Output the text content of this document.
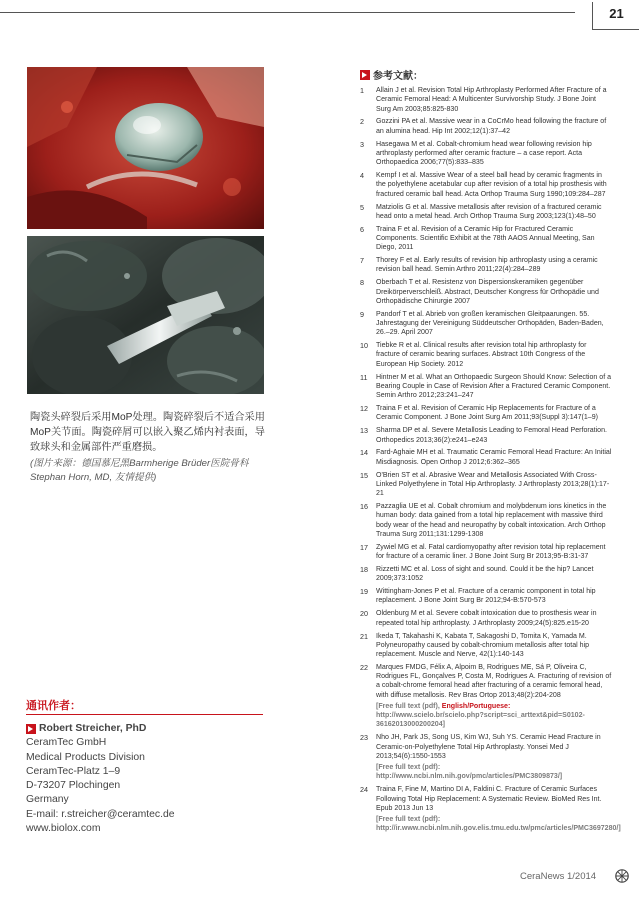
21
陶瓷头碎裂后采用MoP处理。陶瓷碎裂后不适合采用MoP关节面。陶瓷碎屑可以嵌入聚乙烯内衬表面，导致球头和金属部件严重磨损。
(图片来源：德国慕尼黑Barmherige Brüder医院骨科
Stephan Horn, MD, 友情提供)
通讯作者：
Robert Streicher, PhD
CeramTec GmbH
Medical Products Division
CeramTec-Platz 1–9
D-73207 Plochingen
Germany
E-mail: r.streicher@ceramtec.de
www.biolox.com
参考文献：
1 Allain J et al. Revision Total Hip Arthroplasty Performed After Fracture of a Ceramic Femoral Head: A Multicenter Survivorship Study. J Bone Joint Surg Am 2003;85:825-830
2 Gozzini PA et al. Massive wear in a CoCrMo head following the fracture of an alumina head. Hip Int 2002;12(1):37–42
3 Hasegawa M et al. Cobalt-chromium head wear following revision hip arthroplasty performed after ceramic fracture – a case report. Acta Orthopaedica 2006;77(5):833–835
4 Kempf I et al. Massive Wear of a steel ball head by ceramic fragments in the polyethylene acetabular cup after revision of a total hip prosthesis with fractured ceramic ball head. Acta Orthop Trauma Surg 1990;109:284–287
5 Matziolis G et al. Massive metallosis after revision of a fractured ceramic head onto a metal head. Arch Orthop Trauma Surg 2003;123(1):48–50
6 Traina F et al. Revision of a Ceramic Hip for Fractured Ceramic Components. Scientific Exhibit at the 78th AAOS Annual Meeting, San Diego, 2011
7 Thorey F et al. Early results of revision hip arthroplasty using a ceramic revision ball head. Semin Arthro 2011;22(4):284–289
8 Oberbach T et al. Resistenz von Dispersionskeramiken gegenüber Dreikörperverschleiß. Abstract, Deutscher Kongress für Orthopädie und Orthopädische Chirurgie 2007
9 Pandorf T et al. Abrieb von großen keramischen Gleitpaarungen. 55. Jahrestagung der Vereinigung Süddeutscher Orthopäden, Baden-Baden, 26.–29. April 2007
10 Tiebke R et al. Clinical results after revision total hip arthroplasty for fracture of ceramic bearing surfaces. Abstract 10th Congress of the European Hip Society. 2012
11 Hintner M et al. What an Orthopaedic Surgeon Should Know: Selection of a Bearing Couple in Case of Revision After a Fractured Ceramic Component. Semin Arthro 2012;23:241–247
12 Traina F et al. Revision of Ceramic Hip Replacements for Fracture of a Ceramic Component. J Bone Joint Surg Am 2011;93(Suppl 3):147(1–9)
13 Sharma DP et al. Severe Metallosis Leading to Femoral Head Perforation. Orthopedics 2013;36(2):e241–e243
14 Fard-Aghaie MH et al. Traumatic Ceramic Femoral Head Fracture: An Initial Misdiagnosis. Open Orthop J 2012;6:362–365
15 O'Brien ST et al. Abrasive Wear and Metallosis Associated With Cross-Linked Polyethylene in Total Hip Arthroplasty. J Arthroplasty 2013;28(1):17-21
16 Pazzaglia UE et al. Cobalt chromium and molybdenum ions kinetics in the human body: data gained from a total hip replacement with massive third body wear of the head and neuropathy by cobalt intoxication. Arch Orthop Trauma Surg 2011;131:1299-1308
17 Zywiel MG et al. Fatal cardiomyopathy after revision total hip replacement for fracture of a ceramic liner. J Bone Joint Surg Br 2013;95-B:31-37
18 Rizzetti MC et al. Loss of sight and sound. Could it be the hip? Lancet 2009;373:1052
19 Wittingham-Jones P et al. Fracture of a ceramic component in total hip replacement. J Bone Joint Surg Br 2012;94-B:570-573
20 Oldenburg M et al. Severe cobalt intoxication due to prosthesis wear in repeated total hip arthroplasty. J Arthroplasty 2009;24(5):825.e15-20
21 Ikeda T, Takahashi K, Kabata T, Sakagoshi D, Tomita K, Yamada M. Polyneuropathy caused by cobalt-chromium metallosis after total hip replacement. Muscle and Nerve, 42(1):140-143
22 Marques FMDG, Félix A, Alpoim B, Rodrigues ME, Sá P, Oliveira C, Rodrigues FL, Gonçalves P, Costa M, Rodrigues A. Fracturing of revision of a cobalt-chrome femoral head after fracturing of a ceramic femoral head, with diffuse metallosis. Rev Bras Ortop 2013;48(2):204-208
[Free full text (pdf), English/Portuguese: http://www.scielo.br/scielo.php?script=sci_arttext&pid=S0102-36162013000200204]
23 Nho JH, Park JS, Song US, Kim WJ, Suh YS. Ceramic Head Fracture in Ceramic-on-Polyethylene Total Hip Arthroplasty. Yonsei Med J 2013;54(6):1550-1553
[Free full text (pdf): http://www.ncbi.nlm.nih.gov/pmc/articles/PMC3809873/]
24 Traina F, Fine M, Martino DI A, Faldini C. Fracture of Ceramic Surfaces Following Total Hip Replacement: A Systematic Review. BioMed Res Int. Epub 2013 Jun 13
[Free full text (pdf): http://ir.www.ncbi.nlm.nih.gov.elis.tmu.edu.tw/pmc/articles/PMC3697280/]
CeraNews 1/2014
